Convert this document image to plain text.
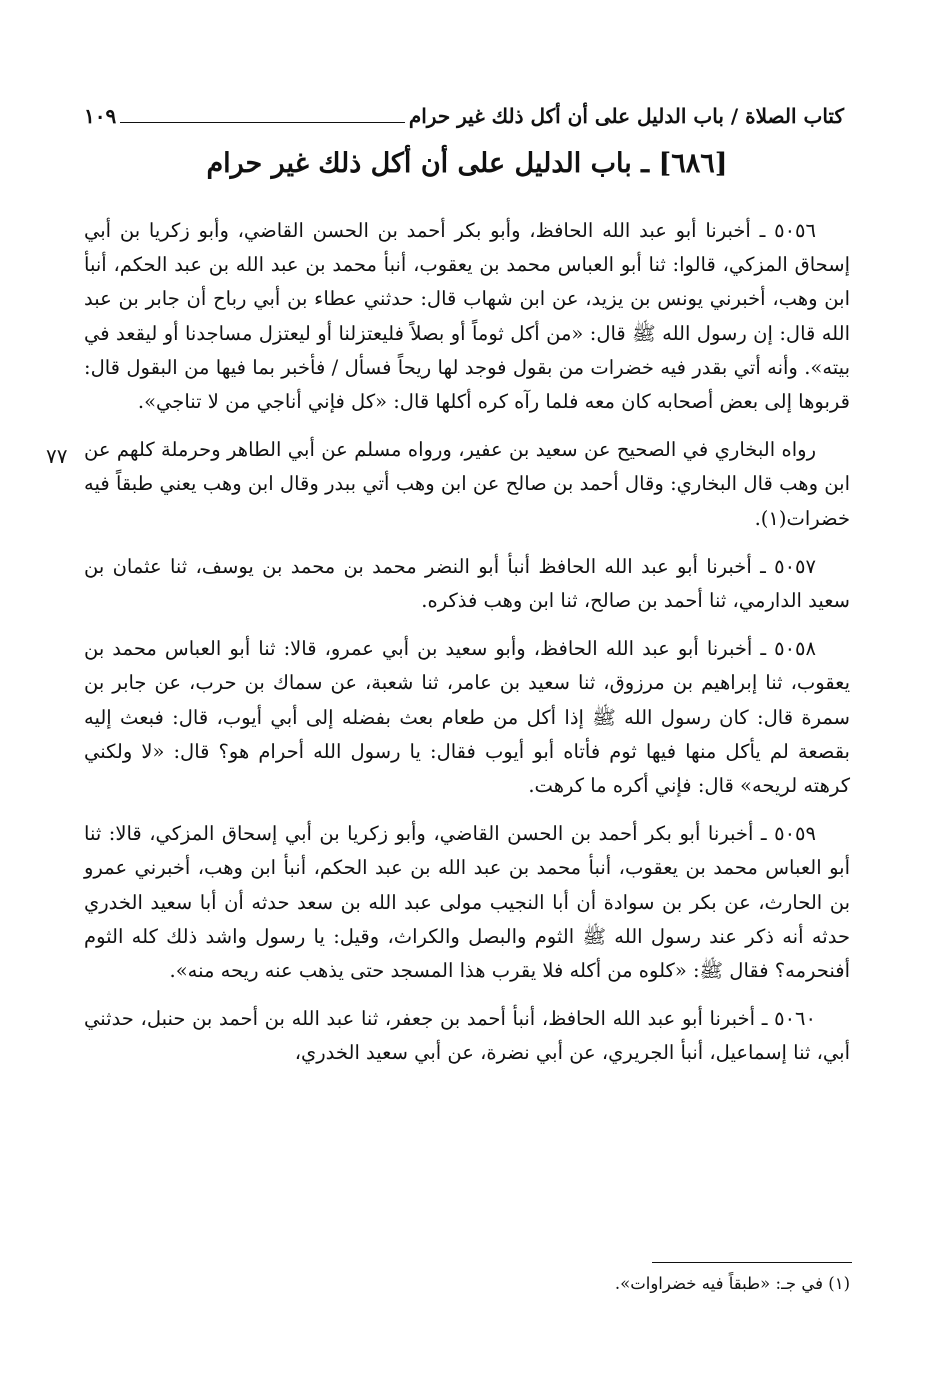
كتاب الصلاة / باب الدليل على أن أكل ذلك غير حرام
١٠٩
[٦٨٦] ـ باب الدليل على أن أكل ذلك غير حرام

٥٠٥٦ ـ أخبرنا أبو عبد الله الحافظ، وأبو بكر أحمد بن الحسن القاضي، وأبو زكريا بن أبي إسحاق المزكي، قالوا: ثنا أبو العباس محمد بن يعقوب، أنبأ محمد بن عبد الله بن عبد الحكم، أنبأ ابن وهب، أخبرني يونس بن يزيد، عن ابن شهاب قال: حدثني عطاء بن أبي رباح أن جابر بن عبد الله قال: إن رسول الله ﷺ قال: «من أكل ثوماً أو بصلاً فليعتزلنا أو ليعتزل مساجدنا أو ليقعد في بيته». وأنه أتي بقدر فيه خضرات من بقول فوجد لها ريحاً فسأل / فأخبر بما فيها من البقول قال: قربوها إلى بعض أصحابه كان معه فلما رآه كره أكلها قال: «كل فإني أناجي من لا تناجي».

رواه البخاري في الصحيح عن سعيد بن عفير، ورواه مسلم عن أبي الطاهر وحرملة كلهم عن ابن وهب قال البخاري: وقال أحمد بن صالح عن ابن وهب أتي ببدر وقال ابن وهب يعني طبقاً فيه خضرات(١).

٥٠٥٧ ـ أخبرنا أبو عبد الله الحافظ أنبأ أبو النضر محمد بن محمد بن يوسف، ثنا عثمان بن سعيد الدارمي، ثنا أحمد بن صالح، ثنا ابن وهب فذكره.

٥٠٥٨ ـ أخبرنا أبو عبد الله الحافظ، وأبو سعيد بن أبي عمرو، قالا: ثنا أبو العباس محمد بن يعقوب، ثنا إبراهيم بن مرزوق، ثنا سعيد بن عامر، ثنا شعبة، عن سماك بن حرب، عن جابر بن سمرة قال: كان رسول الله ﷺ إذا أكل من طعام بعث بفضله إلى أبي أيوب، قال: فبعث إليه بقصعة لم يأكل منها فيها ثوم فأتاه أبو أيوب فقال: يا رسول الله أحرام هو؟ قال: «لا ولكني كرهته لريحه» قال: فإني أكره ما كرهت.

٥٠٥٩ ـ أخبرنا أبو بكر أحمد بن الحسن القاضي، وأبو زكريا بن أبي إسحاق المزكي، قالا: ثنا أبو العباس محمد بن يعقوب، أنبأ محمد بن عبد الله بن عبد الحكم، أنبأ ابن وهب، أخبرني عمرو بن الحارث، عن بكر بن سوادة أن أبا النجيب مولى عبد الله بن سعد حدثه أن أبا سعيد الخدري حدثه أنه ذكر عند رسول الله ﷺ الثوم والبصل والكراث، وقيل: يا رسول واشد ذلك كله الثوم أفنحرمه؟ فقال ﷺ: «كلوه من أكله فلا يقرب هذا المسجد حتى يذهب عنه ريحه منه».

٥٠٦٠ ـ أخبرنا أبو عبد الله الحافظ، أنبأ أحمد بن جعفر، ثنا عبد الله بن أحمد بن حنبل، حدثني أبي، ثنا إسماعيل، أنبأ الجريري، عن أبي نضرة، عن أبي سعيد الخدري،

٧٧
(١) في جـ: «طبقاً فيه خضراوات».
